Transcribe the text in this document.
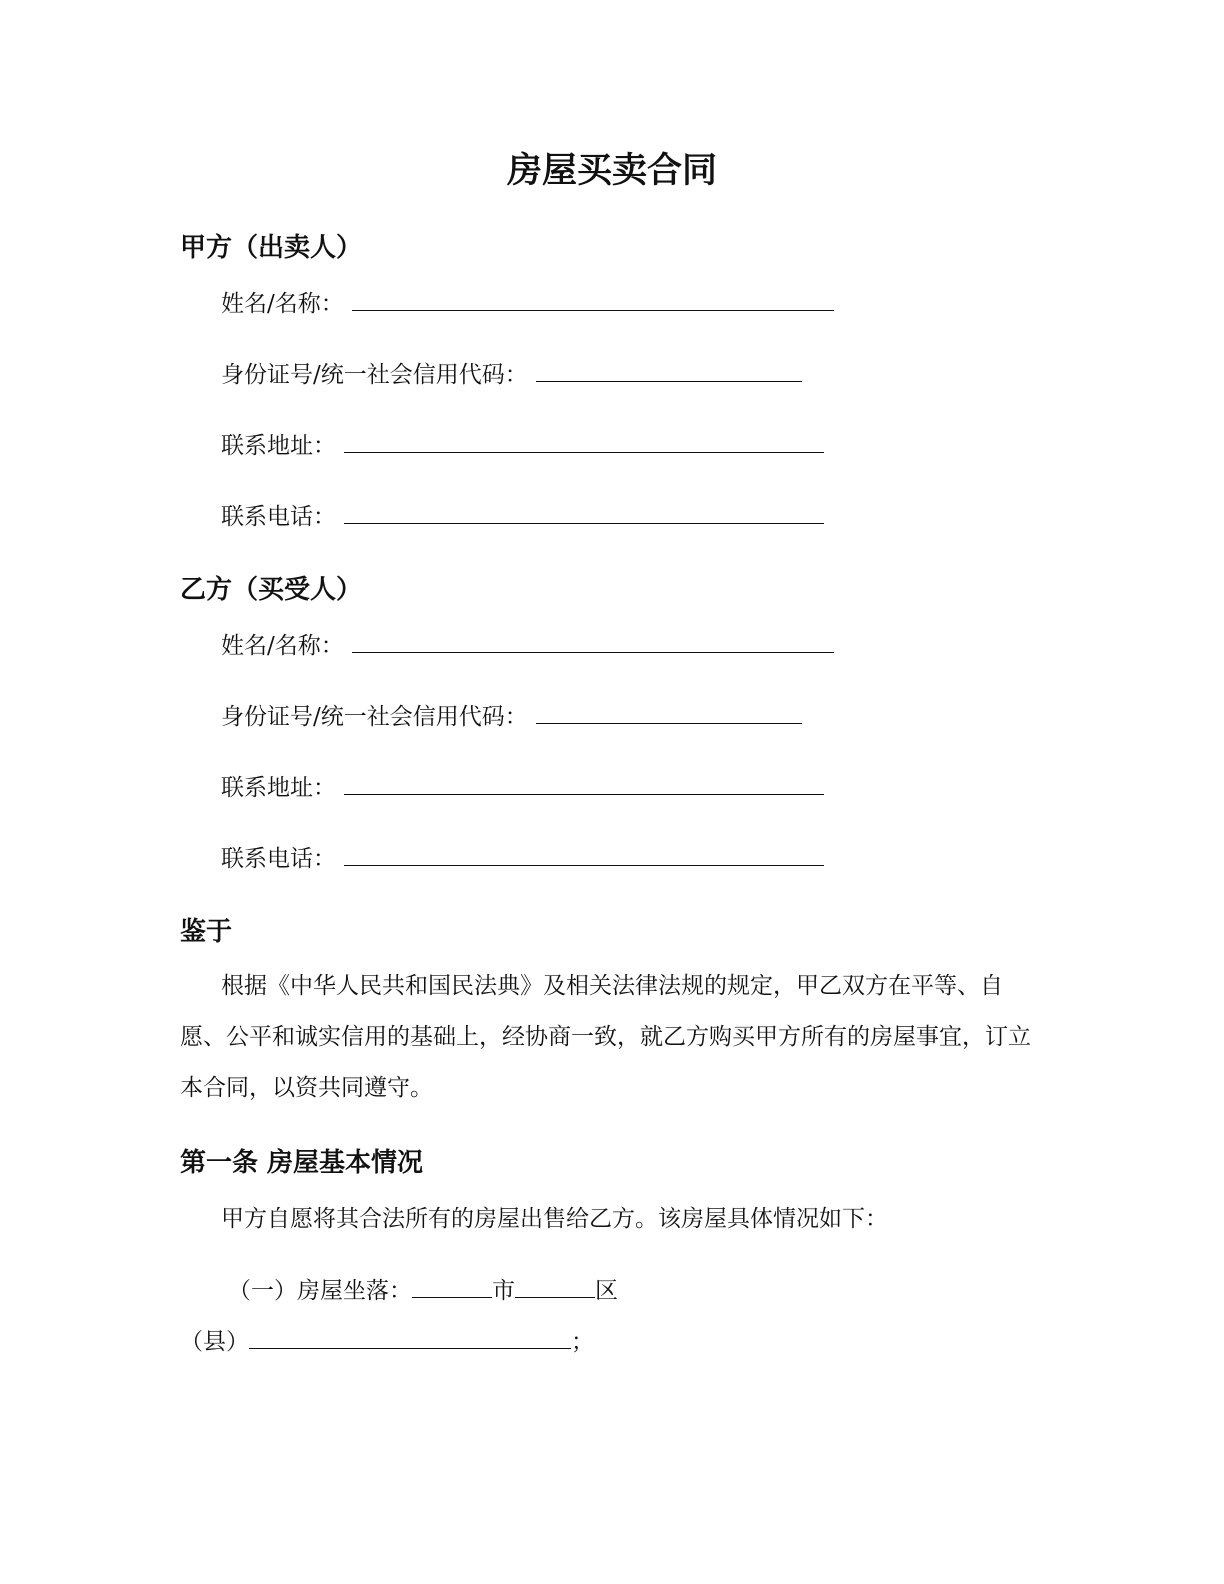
房屋买卖合同
甲方（出卖人）
姓名/名称：
身份证号/统一社会信用代码：
联系地址：
联系电话：
乙方（买受人）
姓名/名称：
身份证号/统一社会信用代码：
联系地址：
联系电话：
鉴于
根据《中华人民共和国民法典》及相关法律法规的规定，甲乙双方在平等、自愿、公平和诚实信用的基础上，经协商一致，就乙方购买甲方所有的房屋事宜，订立本合同，以资共同遵守。
第一条 房屋基本情况
甲方自愿将其合法所有的房屋出售给乙方。该房屋具体情况如下：
（一）房屋坐落：	市	区
（县）	；
